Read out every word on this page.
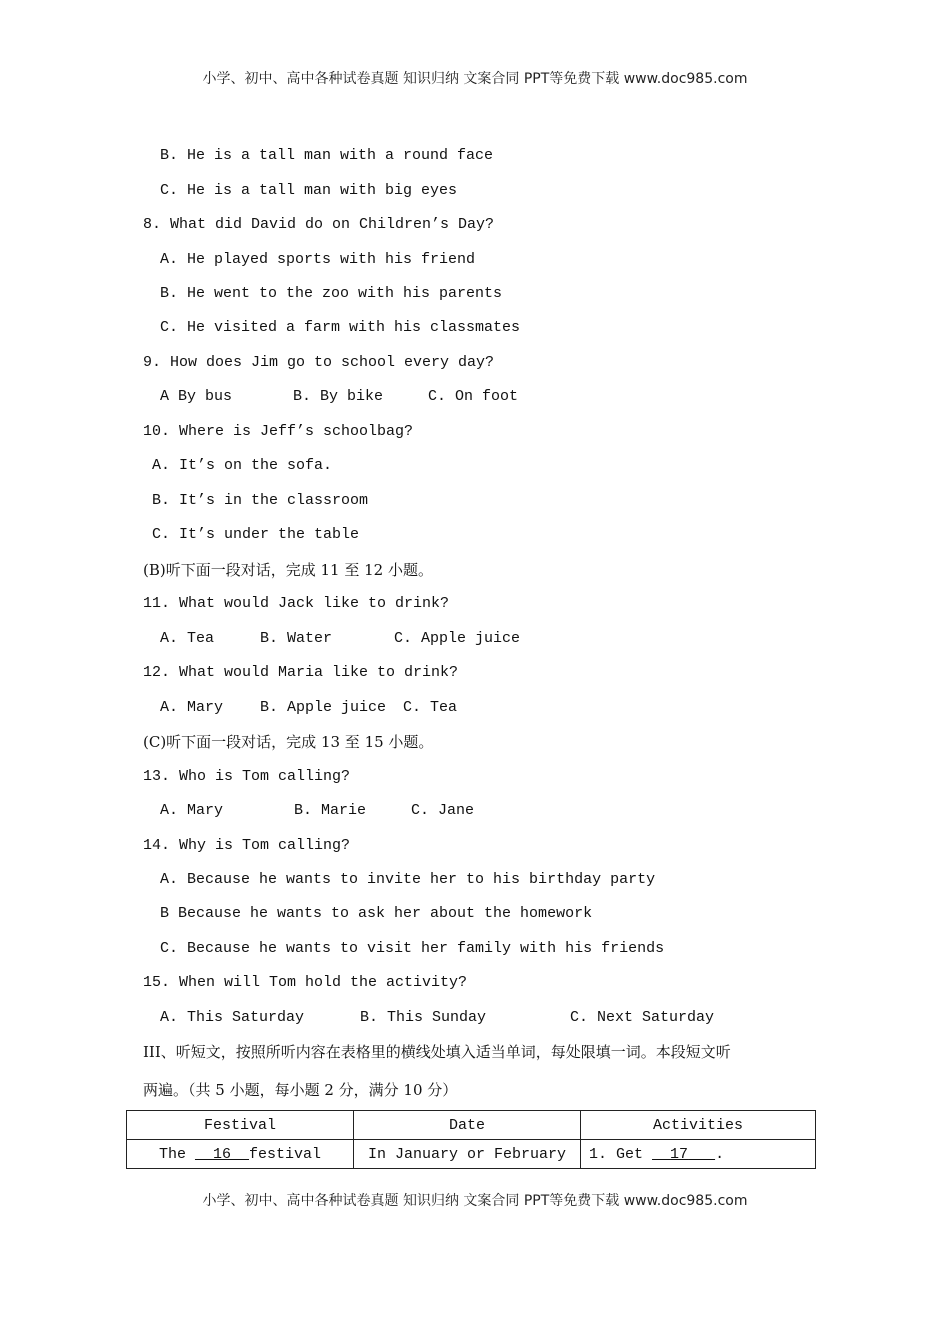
小学、初中、高中各种试卷真题 知识归纳 文案合同 PPT等免费下载 www.doc985.com
B. He is a tall man with a round face
C. He is a tall man with big eyes
8. What did David do on Children’s Day?
A. He played sports with his friend
B. He went to the zoo with his parents
C. He visited a farm with his classmates
9. How does Jim go to school every day?
A By bus	B. By bike	C. On foot
10. Where is Jeff’s schoolbag?
A. It’s on the sofa.
B. It’s in the classroom
C. It’s under the table
(B)听下面一段对话，完成 11 至 12 小题。
11. What would Jack like to drink?
A. Tea	B. Water	C. Apple juice
12. What would Maria like to drink?
A. Mary B. Apple juice C. Tea
(C)听下面一段对话，完成 13 至 15 小题。
13. Who is Tom calling?
A. Mary	B. Marie	C. Jane
14. Why is Tom calling?
A. Because he wants to invite her to his birthday party
B Because he wants to ask her about the homework
C. Because he wants to visit her family with his friends
15. When will Tom hold the activity?
A. This Saturday	B. This Sunday	C. Next Saturday
III、听短文，按照所听内容在表格里的横线处填入适当单词，每处限填一词。本段短文听
两遍。（共 5 小题，每小题 2 分，满分 10 分）
Festival	Date	Activities
The   16 festival	In January or February	1. Get   17 .
小学、初中、高中各种试卷真题 知识归纳 文案合同 PPT等免费下载 www.doc985.com
